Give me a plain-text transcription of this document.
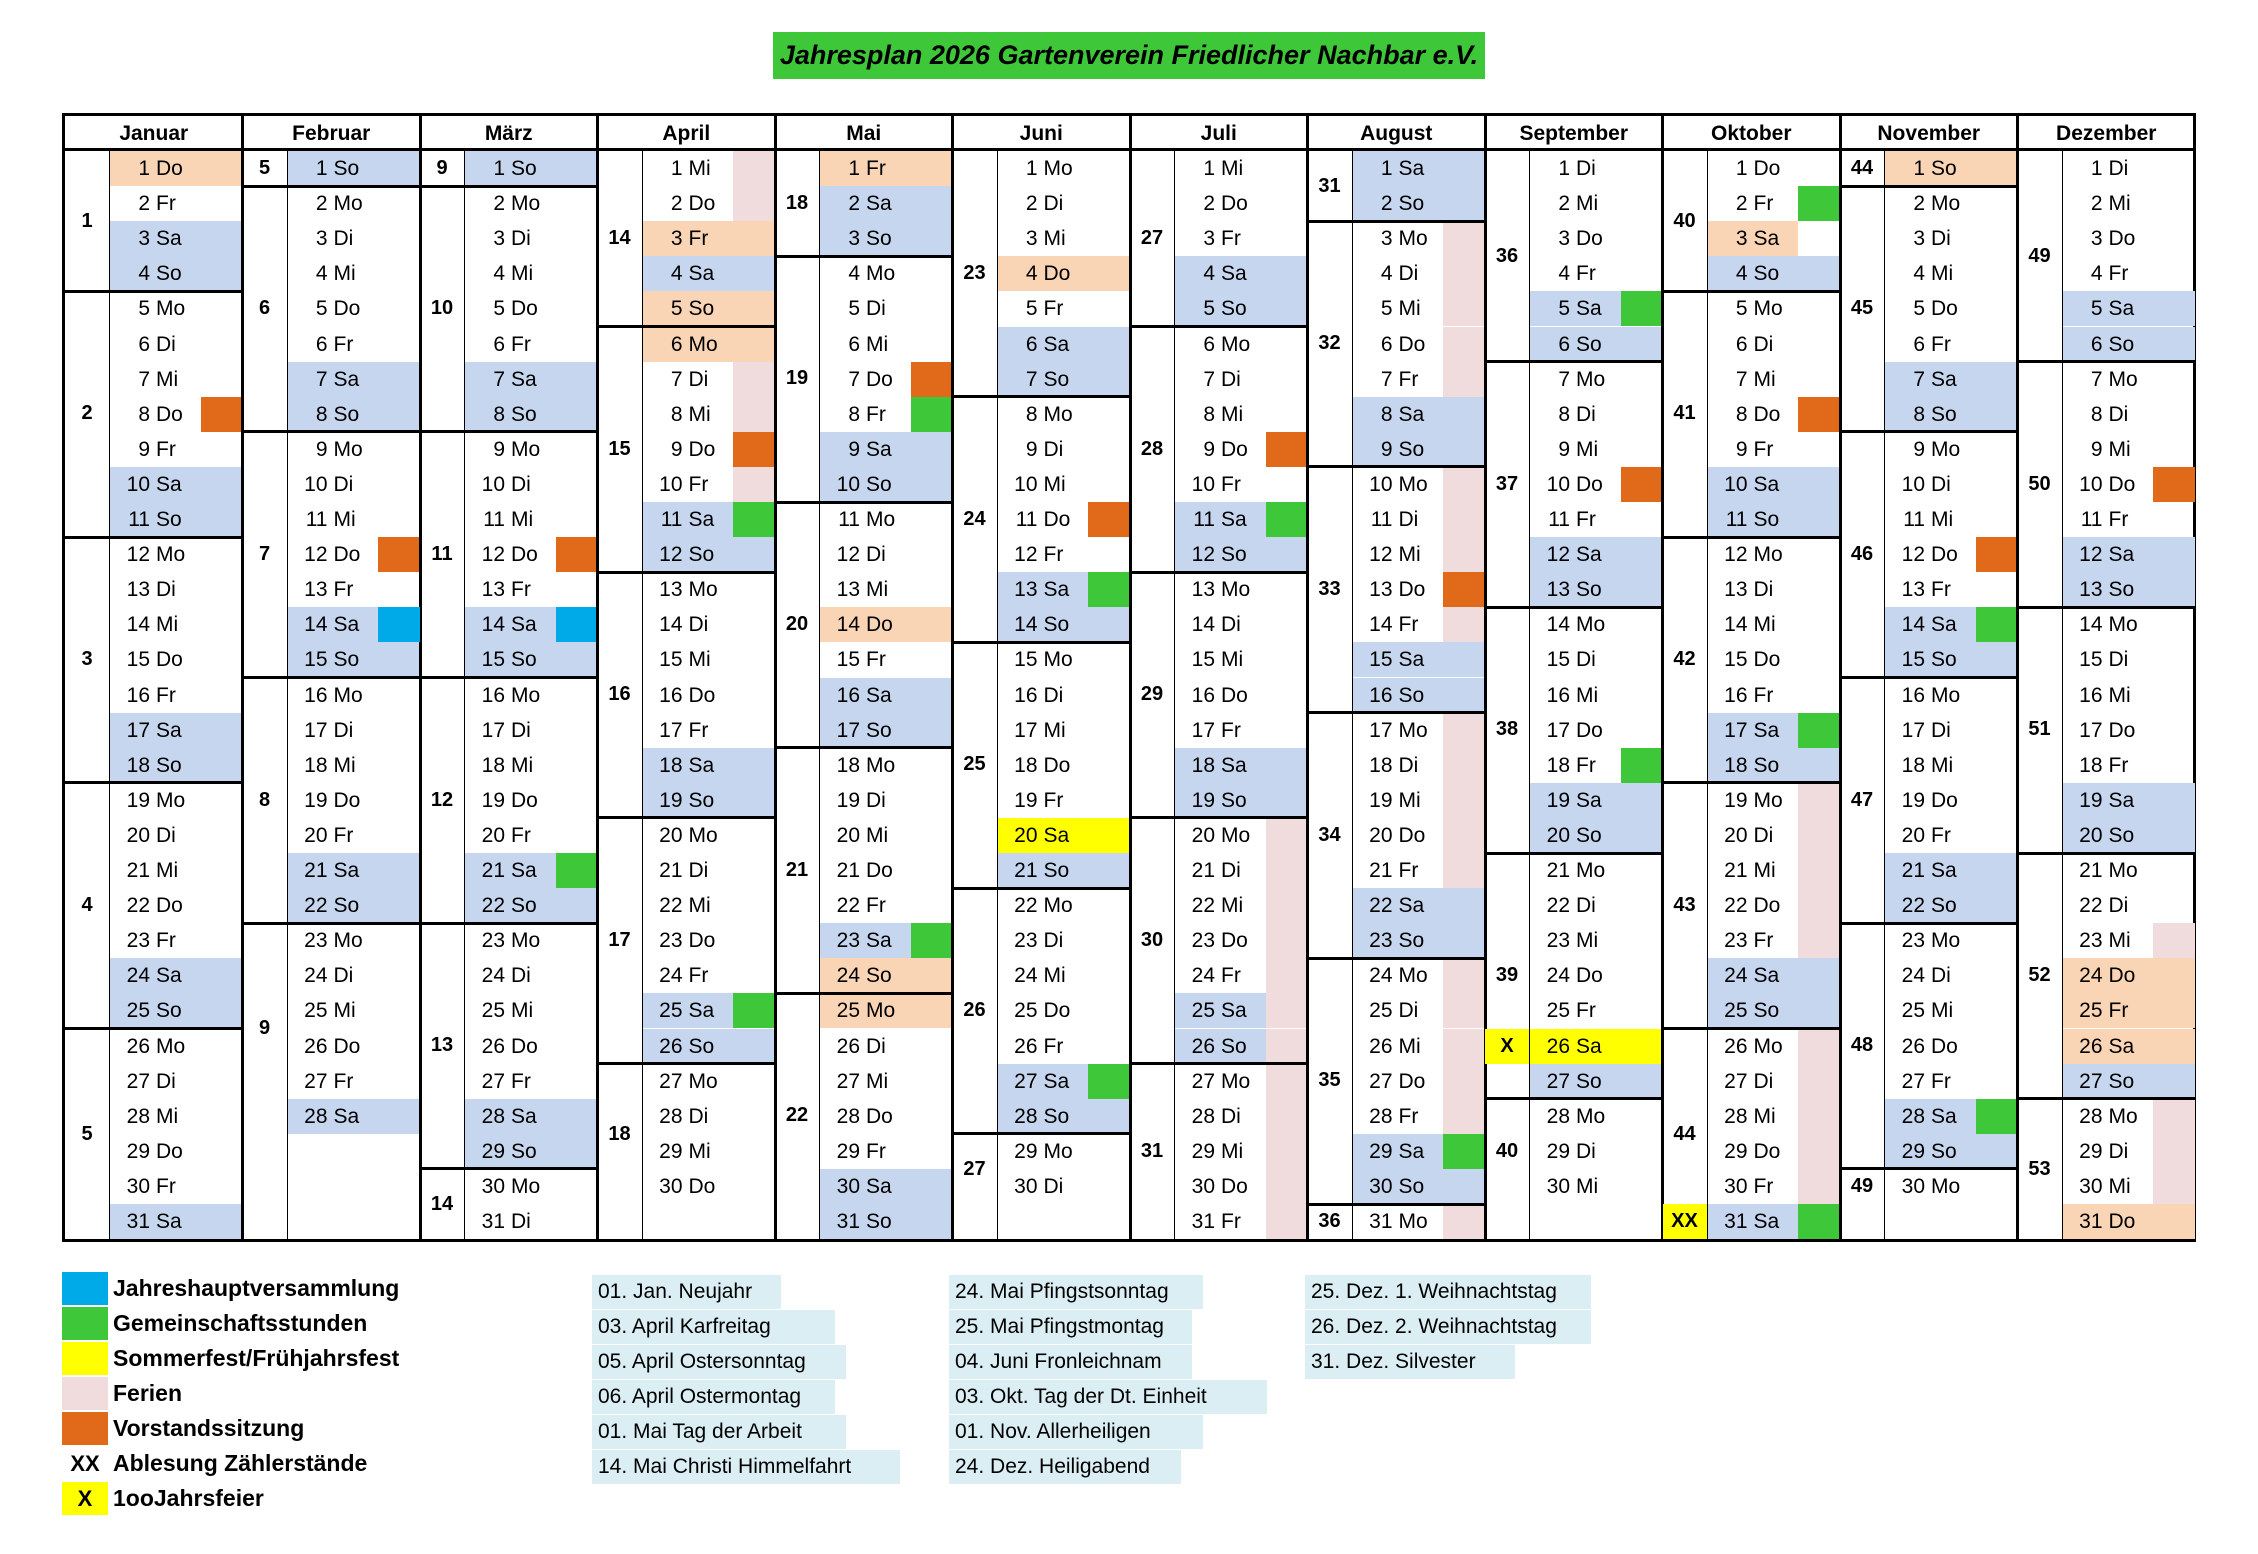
Jahresplan 2026 Gartenverein Friedlicher Nachbar e.V.
Januar
1 Do
2 Fr
3 Sa
4 So
5 Mo
6 Di
7 Mi
8 Do
9 Fr
10 Sa
11 So
12 Mo
13 Di
14 Mi
15 Do
16 Fr
17 Sa
18 So
19 Mo
20 Di
21 Mi
22 Do
23 Fr
24 Sa
25 So
26 Mo
27 Di
28 Mi
29 Do
30 Fr
31 Sa
1
2
3
4
5
Februar
1 So
2 Mo
3 Di
4 Mi
5 Do
6 Fr
7 Sa
8 So
9 Mo
10 Di
11 Mi
12 Do
13 Fr
14 Sa
15 So
16 Mo
17 Di
18 Mi
19 Do
20 Fr
21 Sa
22 So
23 Mo
24 Di
25 Mi
26 Do
27 Fr
28 Sa
5
6
7
8
9
März
1 So
2 Mo
3 Di
4 Mi
5 Do
6 Fr
7 Sa
8 So
9 Mo
10 Di
11 Mi
12 Do
13 Fr
14 Sa
15 So
16 Mo
17 Di
18 Mi
19 Do
20 Fr
21 Sa
22 So
23 Mo
24 Di
25 Mi
26 Do
27 Fr
28 Sa
29 So
30 Mo
31 Di
9
10
11
12
13
14
April
1 Mi
2 Do
3 Fr
4 Sa
5 So
6 Mo
7 Di
8 Mi
9 Do
10 Fr
11 Sa
12 So
13 Mo
14 Di
15 Mi
16 Do
17 Fr
18 Sa
19 So
20 Mo
21 Di
22 Mi
23 Do
24 Fr
25 Sa
26 So
27 Mo
28 Di
29 Mi
30 Do
14
15
16
17
18
Mai
1 Fr
2 Sa
3 So
4 Mo
5 Di
6 Mi
7 Do
8 Fr
9 Sa
10 So
11 Mo
12 Di
13 Mi
14 Do
15 Fr
16 Sa
17 So
18 Mo
19 Di
20 Mi
21 Do
22 Fr
23 Sa
24 So
25 Mo
26 Di
27 Mi
28 Do
29 Fr
30 Sa
31 So
18
19
20
21
22
Juni
1 Mo
2 Di
3 Mi
4 Do
5 Fr
6 Sa
7 So
8 Mo
9 Di
10 Mi
11 Do
12 Fr
13 Sa
14 So
15 Mo
16 Di
17 Mi
18 Do
19 Fr
20 Sa
21 So
22 Mo
23 Di
24 Mi
25 Do
26 Fr
27 Sa
28 So
29 Mo
30 Di
23
24
25
26
27
Juli
1 Mi
2 Do
3 Fr
4 Sa
5 So
6 Mo
7 Di
8 Mi
9 Do
10 Fr
11 Sa
12 So
13 Mo
14 Di
15 Mi
16 Do
17 Fr
18 Sa
19 So
20 Mo
21 Di
22 Mi
23 Do
24 Fr
25 Sa
26 So
27 Mo
28 Di
29 Mi
30 Do
31 Fr
27
28
29
30
31
August
1 Sa
2 So
3 Mo
4 Di
5 Mi
6 Do
7 Fr
8 Sa
9 So
10 Mo
11 Di
12 Mi
13 Do
14 Fr
15 Sa
16 So
17 Mo
18 Di
19 Mi
20 Do
21 Fr
22 Sa
23 So
24 Mo
25 Di
26 Mi
27 Do
28 Fr
29 Sa
30 So
31 Mo
31
32
33
34
35
36
September
1 Di
2 Mi
3 Do
4 Fr
5 Sa
6 So
7 Mo
8 Di
9 Mi
10 Do
11 Fr
12 Sa
13 So
14 Mo
15 Di
16 Mi
17 Do
18 Fr
19 Sa
20 So
21 Mo
22 Di
23 Mi
24 Do
25 Fr
26 Sa
27 So
28 Mo
29 Di
30 Mi
36
37
38
39
40
Oktober
1 Do
2 Fr
3 Sa
4 So
5 Mo
6 Di
7 Mi
8 Do
9 Fr
10 Sa
11 So
12 Mo
13 Di
14 Mi
15 Do
16 Fr
17 Sa
18 So
19 Mo
20 Di
21 Mi
22 Do
23 Fr
24 Sa
25 So
26 Mo
27 Di
28 Mi
29 Do
30 Fr
31 Sa
40
41
42
43
44
November
1 So
2 Mo
3 Di
4 Mi
5 Do
6 Fr
7 Sa
8 So
9 Mo
10 Di
11 Mi
12 Do
13 Fr
14 Sa
15 So
16 Mo
17 Di
18 Mi
19 Do
20 Fr
21 Sa
22 So
23 Mo
24 Di
25 Mi
26 Do
27 Fr
28 Sa
29 So
30 Mo
44
45
46
47
48
49
Dezember
1 Di
2 Mi
3 Do
4 Fr
5 Sa
6 So
7 Mo
8 Di
9 Mi
10 Do
11 Fr
12 Sa
13 So
14 Mo
15 Di
16 Mi
17 Do
18 Fr
19 Sa
20 So
21 Mo
22 Di
23 Mi
24 Do
25 Fr
26 Sa
27 So
28 Mo
29 Di
30 Mi
31 Do
49
50
51
52
53
X
XX
Jahreshauptversammlung
Gemeinschaftsstunden
Sommerfest/Frühjahrsfest
Ferien
Vorstandssitzung
XX Ablesung Zählerstände
X 1ooJahrsfeier
01. Jan. Neujahr
03. April Karfreitag
05. April Ostersonntag
06. April Ostermontag
01. Mai Tag der Arbeit
14. Mai Christi Himmelfahrt
24. Mai Pfingstsonntag
25. Mai Pfingstmontag
04. Juni Fronleichnam
03. Okt. Tag der Dt. Einheit
01. Nov. Allerheiligen
24. Dez. Heiligabend
25. Dez. 1. Weihnachtstag
26. Dez. 2. Weihnachtstag
31. Dez. Silvester
